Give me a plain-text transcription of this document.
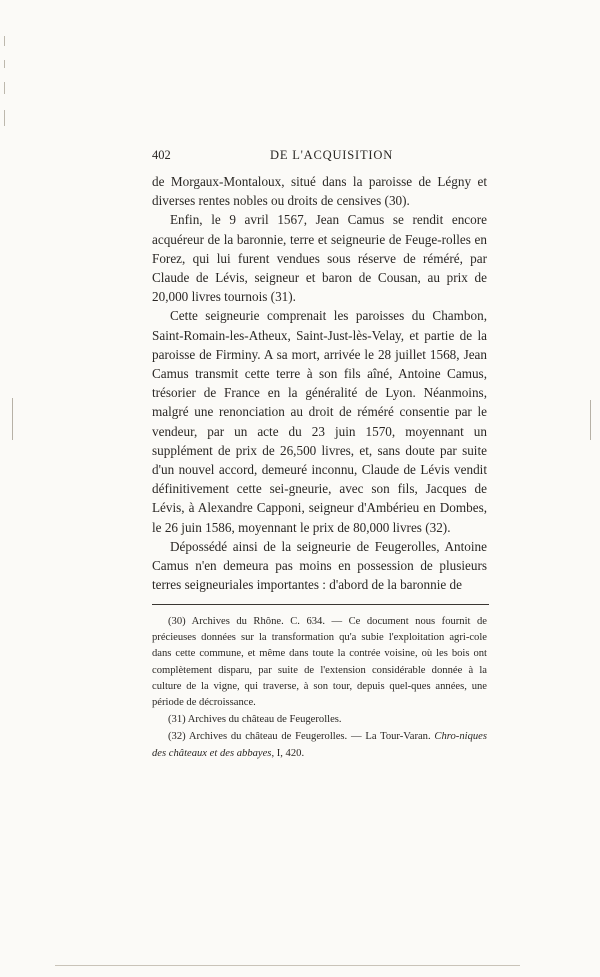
402	DE L'ACQUISITION

de Morgaux-Montaloux, situé dans la paroisse de Légny et diverses rentes nobles ou droits de censives (30).

Enfin, le 9 avril 1567, Jean Camus se rendit encore acquéreur de la baronnie, terre et seigneurie de Feuge-rolles en Forez, qui lui furent vendues sous réserve de réméré, par Claude de Lévis, seigneur et baron de Cousan, au prix de 20,000 livres tournois (31).

Cette seigneurie comprenait les paroisses du Chambon, Saint-Romain-les-Atheux, Saint-Just-lès-Velay, et partie de la paroisse de Firminy. A sa mort, arrivée le 28 juillet 1568, Jean Camus transmit cette terre à son fils aîné, Antoine Camus, trésorier de France en la généralité de Lyon. Néanmoins, malgré une renonciation au droit de réméré consentie par le vendeur, par un acte du 23 juin 1570, moyennant un supplément de prix de 26,500 livres, et, sans doute par suite d'un nouvel accord, demeuré inconnu, Claude de Lévis vendit définitivement cette sei-gneurie, avec son fils, Jacques de Lévis, à Alexandre Capponi, seigneur d'Ambérieu en Dombes, le 26 juin 1586, moyennant le prix de 80,000 livres (32).

Dépossédé ainsi de la seigneurie de Feugerolles, Antoine Camus n'en demeura pas moins en possession de plusieurs terres seigneuriales importantes : d'abord de la baronnie de

(30) Archives du Rhône. C. 634. — Ce document nous fournit de précieuses données sur la transformation qu'a subie l'exploitation agri-cole dans cette commune, et même dans toute la contrée voisine, où les bois ont complètement disparu, par suite de l'extension considérable donnée à la culture de la vigne, qui traverse, à son tour, depuis quel-ques années, une période de décroissance.

(31) Archives du château de Feugerolles.

(32) Archives du château de Feugerolles. — La Tour-Varan. Chro-niques des châteaux et des abbayes, I, 420.
